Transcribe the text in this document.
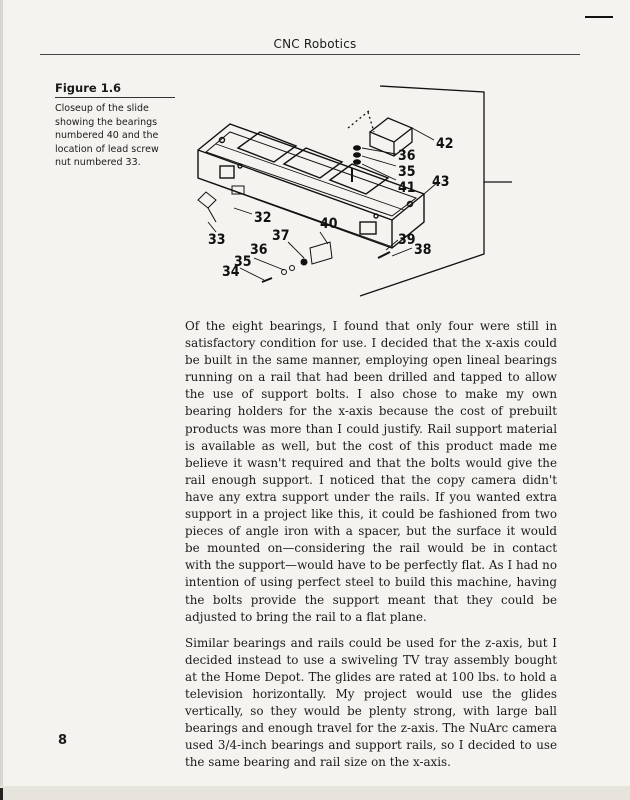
CNC Robotics
Figure 1.6
Closeup of the slide showing the bearings numbered 40 and the location of lead screw nut numbered 33.
42
36
35
41 43
32	40
37
33
36
35
34
39
38

Of the eight bearings, I found that only four were still in satisfactory condition for use. I decided that the x-axis could be built in the same manner, employing open lineal bearings running on a rail that had been drilled and tapped to allow the use of support bolts. I also chose to make my own bearing holders for the x-axis because the cost of prebuilt products was more than I could justify. Rail support material is available as well, but the cost of this product made me believe it wasn't required and that the bolts would give the rail enough support. I noticed that the copy camera didn't have any extra support under the rails. If you wanted extra support in a project like this, it could be fashioned from two pieces of angle iron with a spacer, but the surface it would be mounted on—considering the rail would be in contact with the support—would have to be perfectly flat. As I had no intention of using perfect steel to build this machine, having the bolts provide the support meant that they could be adjusted to bring the rail to a flat plane.

Similar bearings and rails could be used for the z-axis, but I decided instead to use a swiveling TV tray assembly bought at the Home Depot. The glides are rated at 100 lbs. to hold a television horizontally. My project would use the glides vertically, so they would be plenty strong, with large ball bearings and enough travel for the z-axis. The NuArc camera used 3/4-inch bearings and support rails, so I decided to use the same bearing and rail size on the x-axis.

8
